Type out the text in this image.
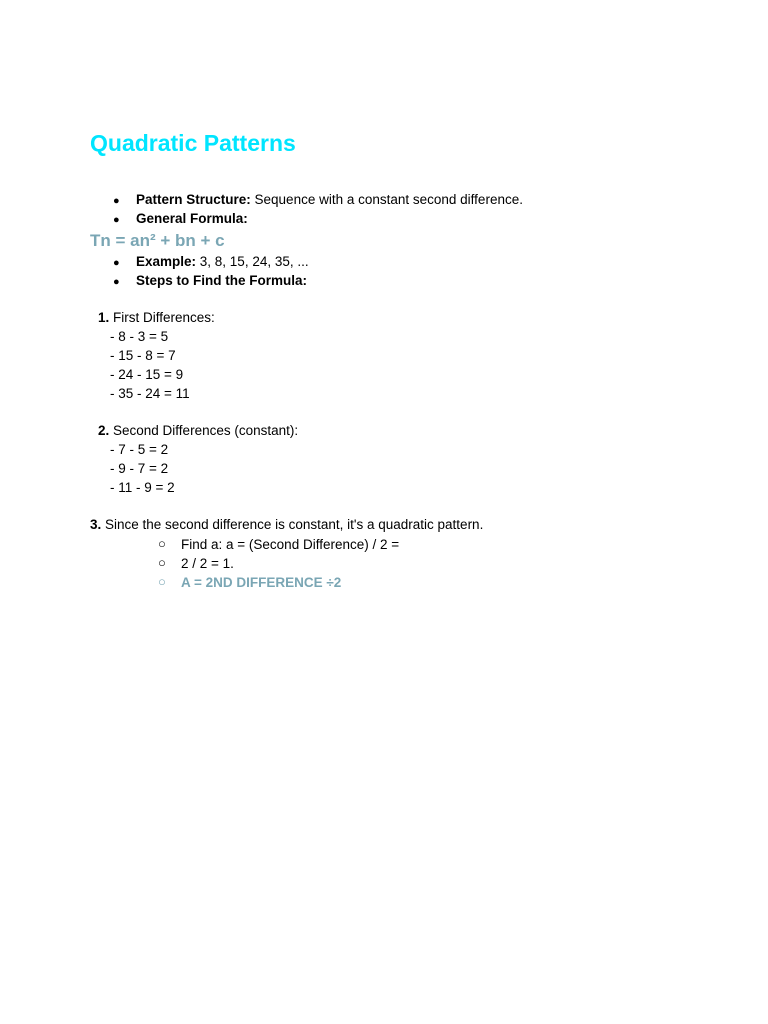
Quadratic Patterns
● Pattern Structure: Sequence with a constant second difference.
● General Formula:
Tn = an² + bn + c
● Example: 3, 8, 15, 24, 35, ...
● Steps to Find the Formula:
1. First Differences:
- 8 - 3 = 5
- 15 - 8 = 7
- 24 - 15 = 9
- 35 - 24 = 11
2. Second Differences (constant):
- 7 - 5 = 2
- 9 - 7 = 2
- 11 - 9 = 2
3. Since the second difference is constant, it's a quadratic pattern.
○ Find a: a = (Second Difference) / 2 =
○ 2 / 2 = 1.
○ A = 2ND DIFFERENCE ÷2
